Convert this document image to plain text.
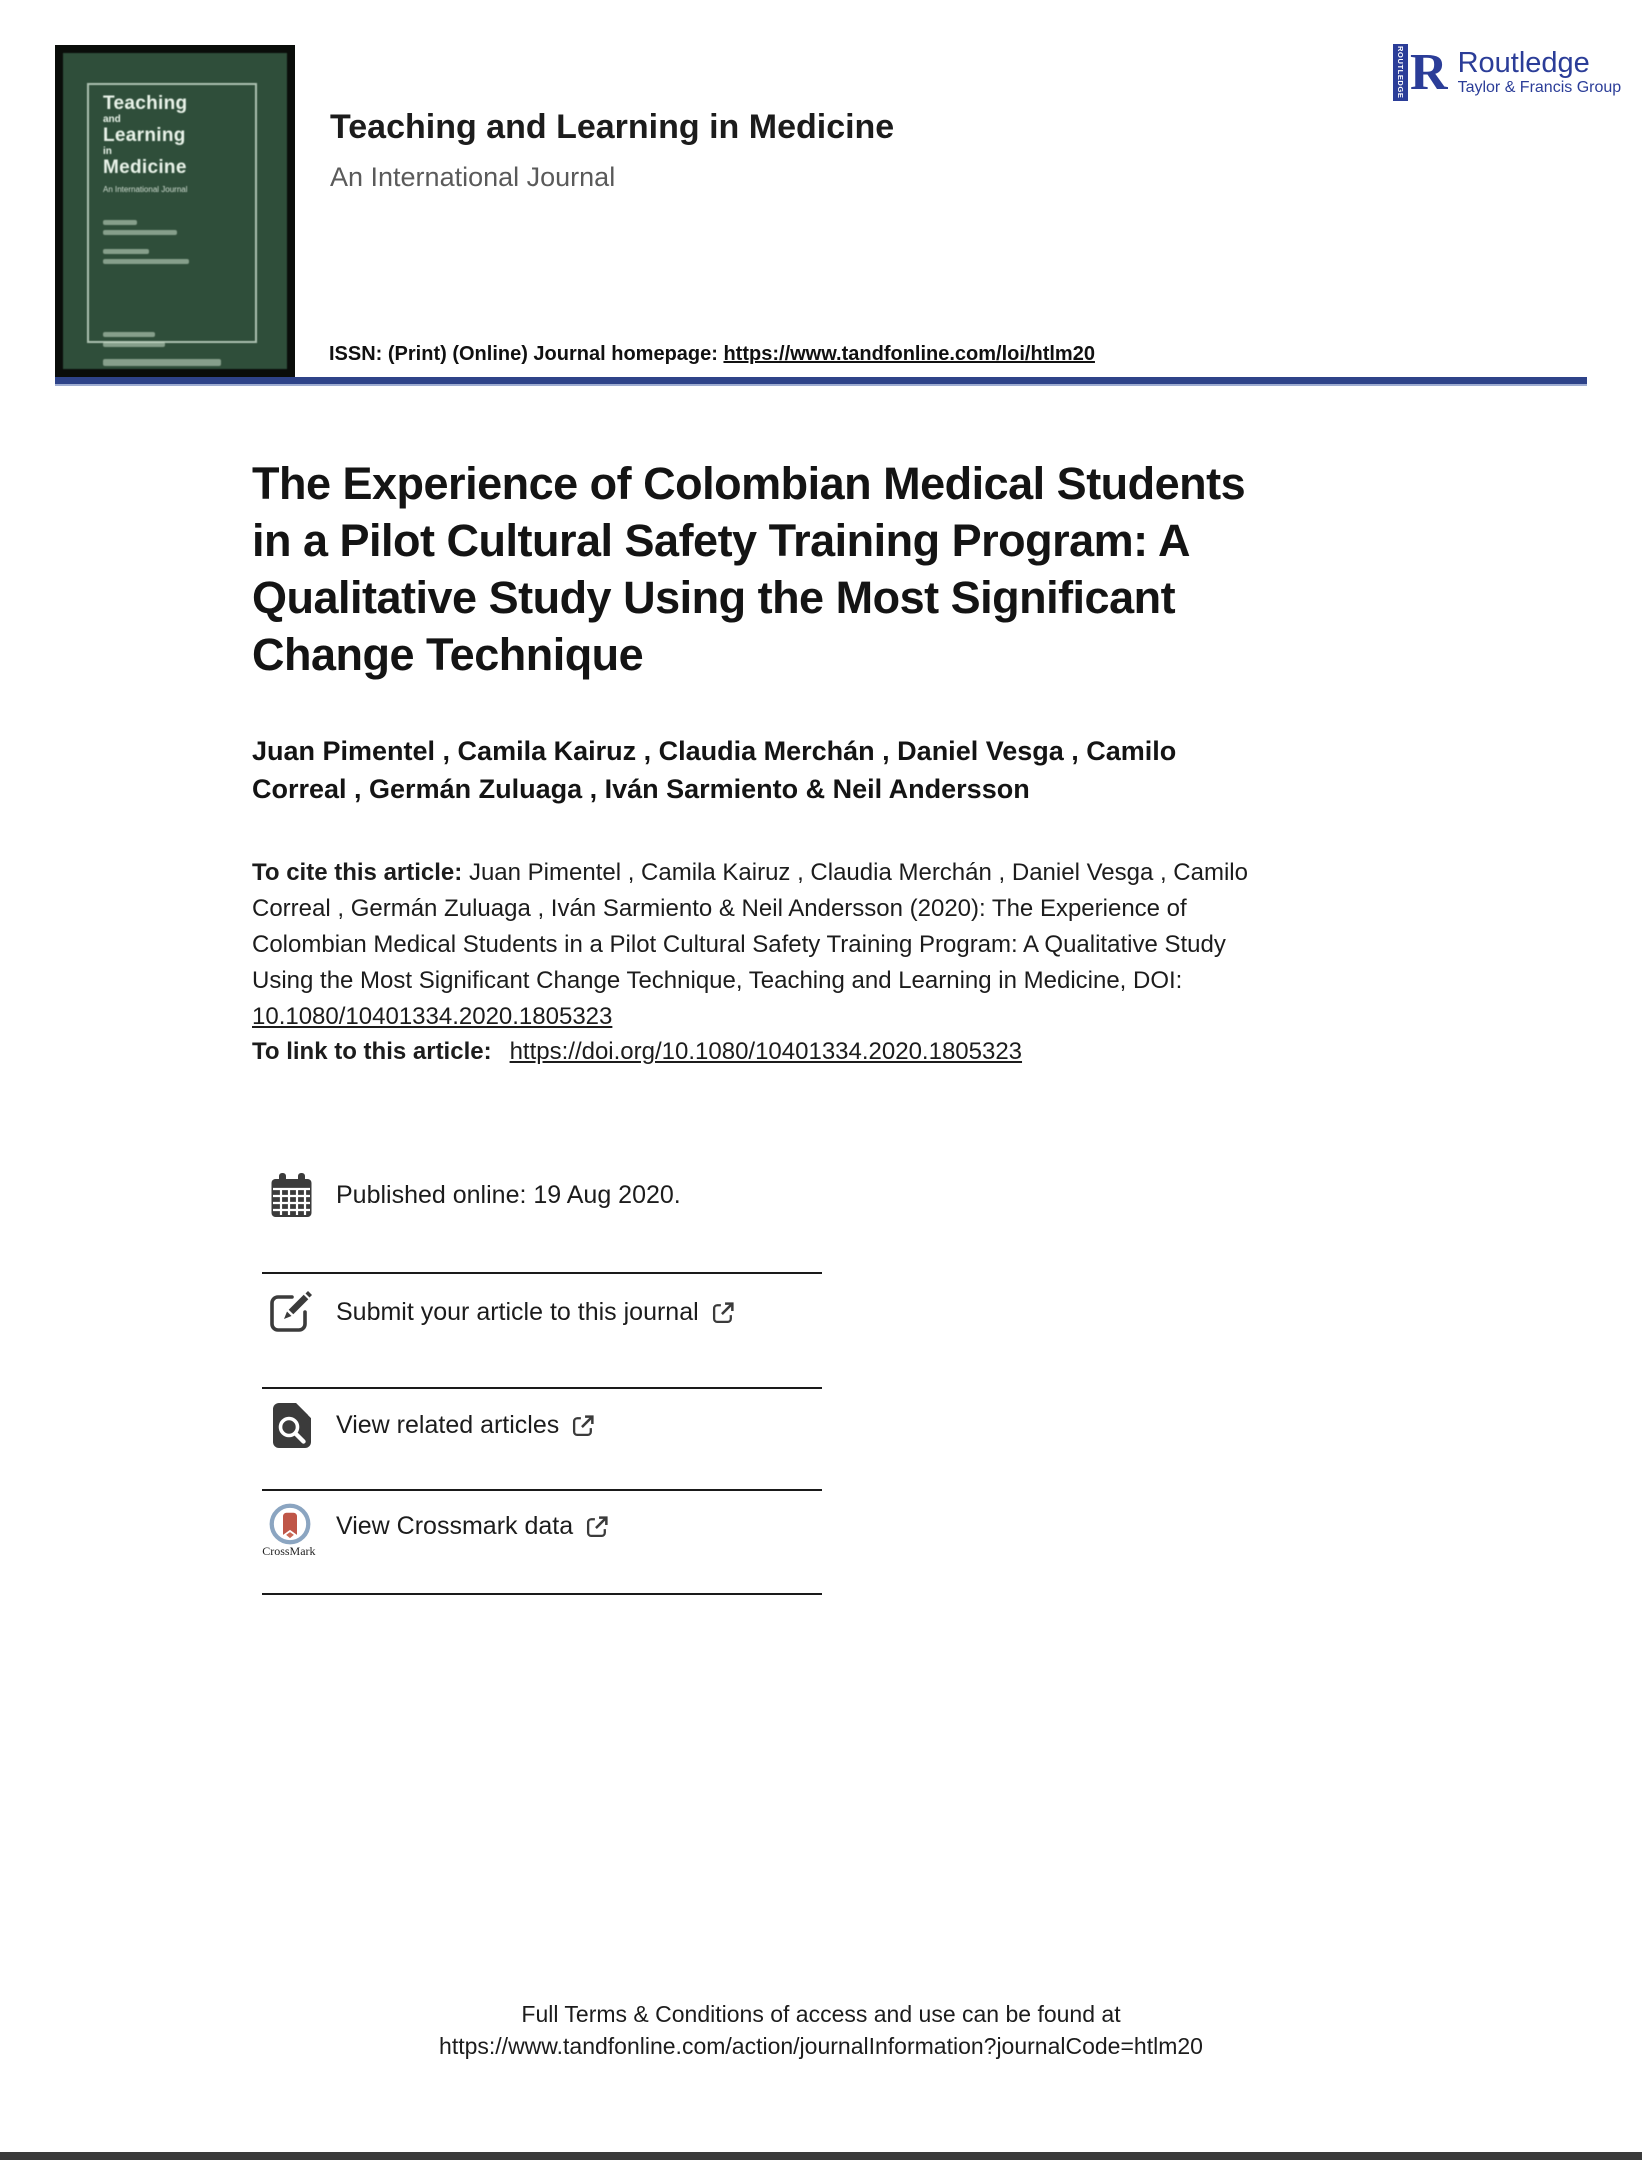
Teaching
and
Learning
in
Medicine
An International Journal
Teaching and Learning in Medicine
An International Journal
ROUTLEDGE R Routledge
Taylor & Francis Group
ISSN: (Print) (Online) Journal homepage: https://www.tandfonline.com/loi/htlm20
The Experience of Colombian Medical Students
in a Pilot Cultural Safety Training Program: A
Qualitative Study Using the Most Significant
Change Technique
Juan Pimentel , Camila Kairuz , Claudia Merchán , Daniel Vesga , Camilo
Correal , Germán Zuluaga , Iván Sarmiento & Neil Andersson
To cite this article: Juan Pimentel , Camila Kairuz , Claudia Merchán , Daniel Vesga , Camilo
Correal , Germán Zuluaga , Iván Sarmiento & Neil Andersson (2020): The Experience of
Colombian Medical Students in a Pilot Cultural Safety Training Program: A Qualitative Study
Using the Most Significant Change Technique, Teaching and Learning in Medicine, DOI:
10.1080/10401334.2020.1805323
To link to this article: https://doi.org/10.1080/10401334.2020.1805323
Published online: 19 Aug 2020.
Submit your article to this journal
View related articles
CrossMark
View Crossmark data
Full Terms & Conditions of access and use can be found at
https://www.tandfonline.com/action/journalInformation?journalCode=htlm20
